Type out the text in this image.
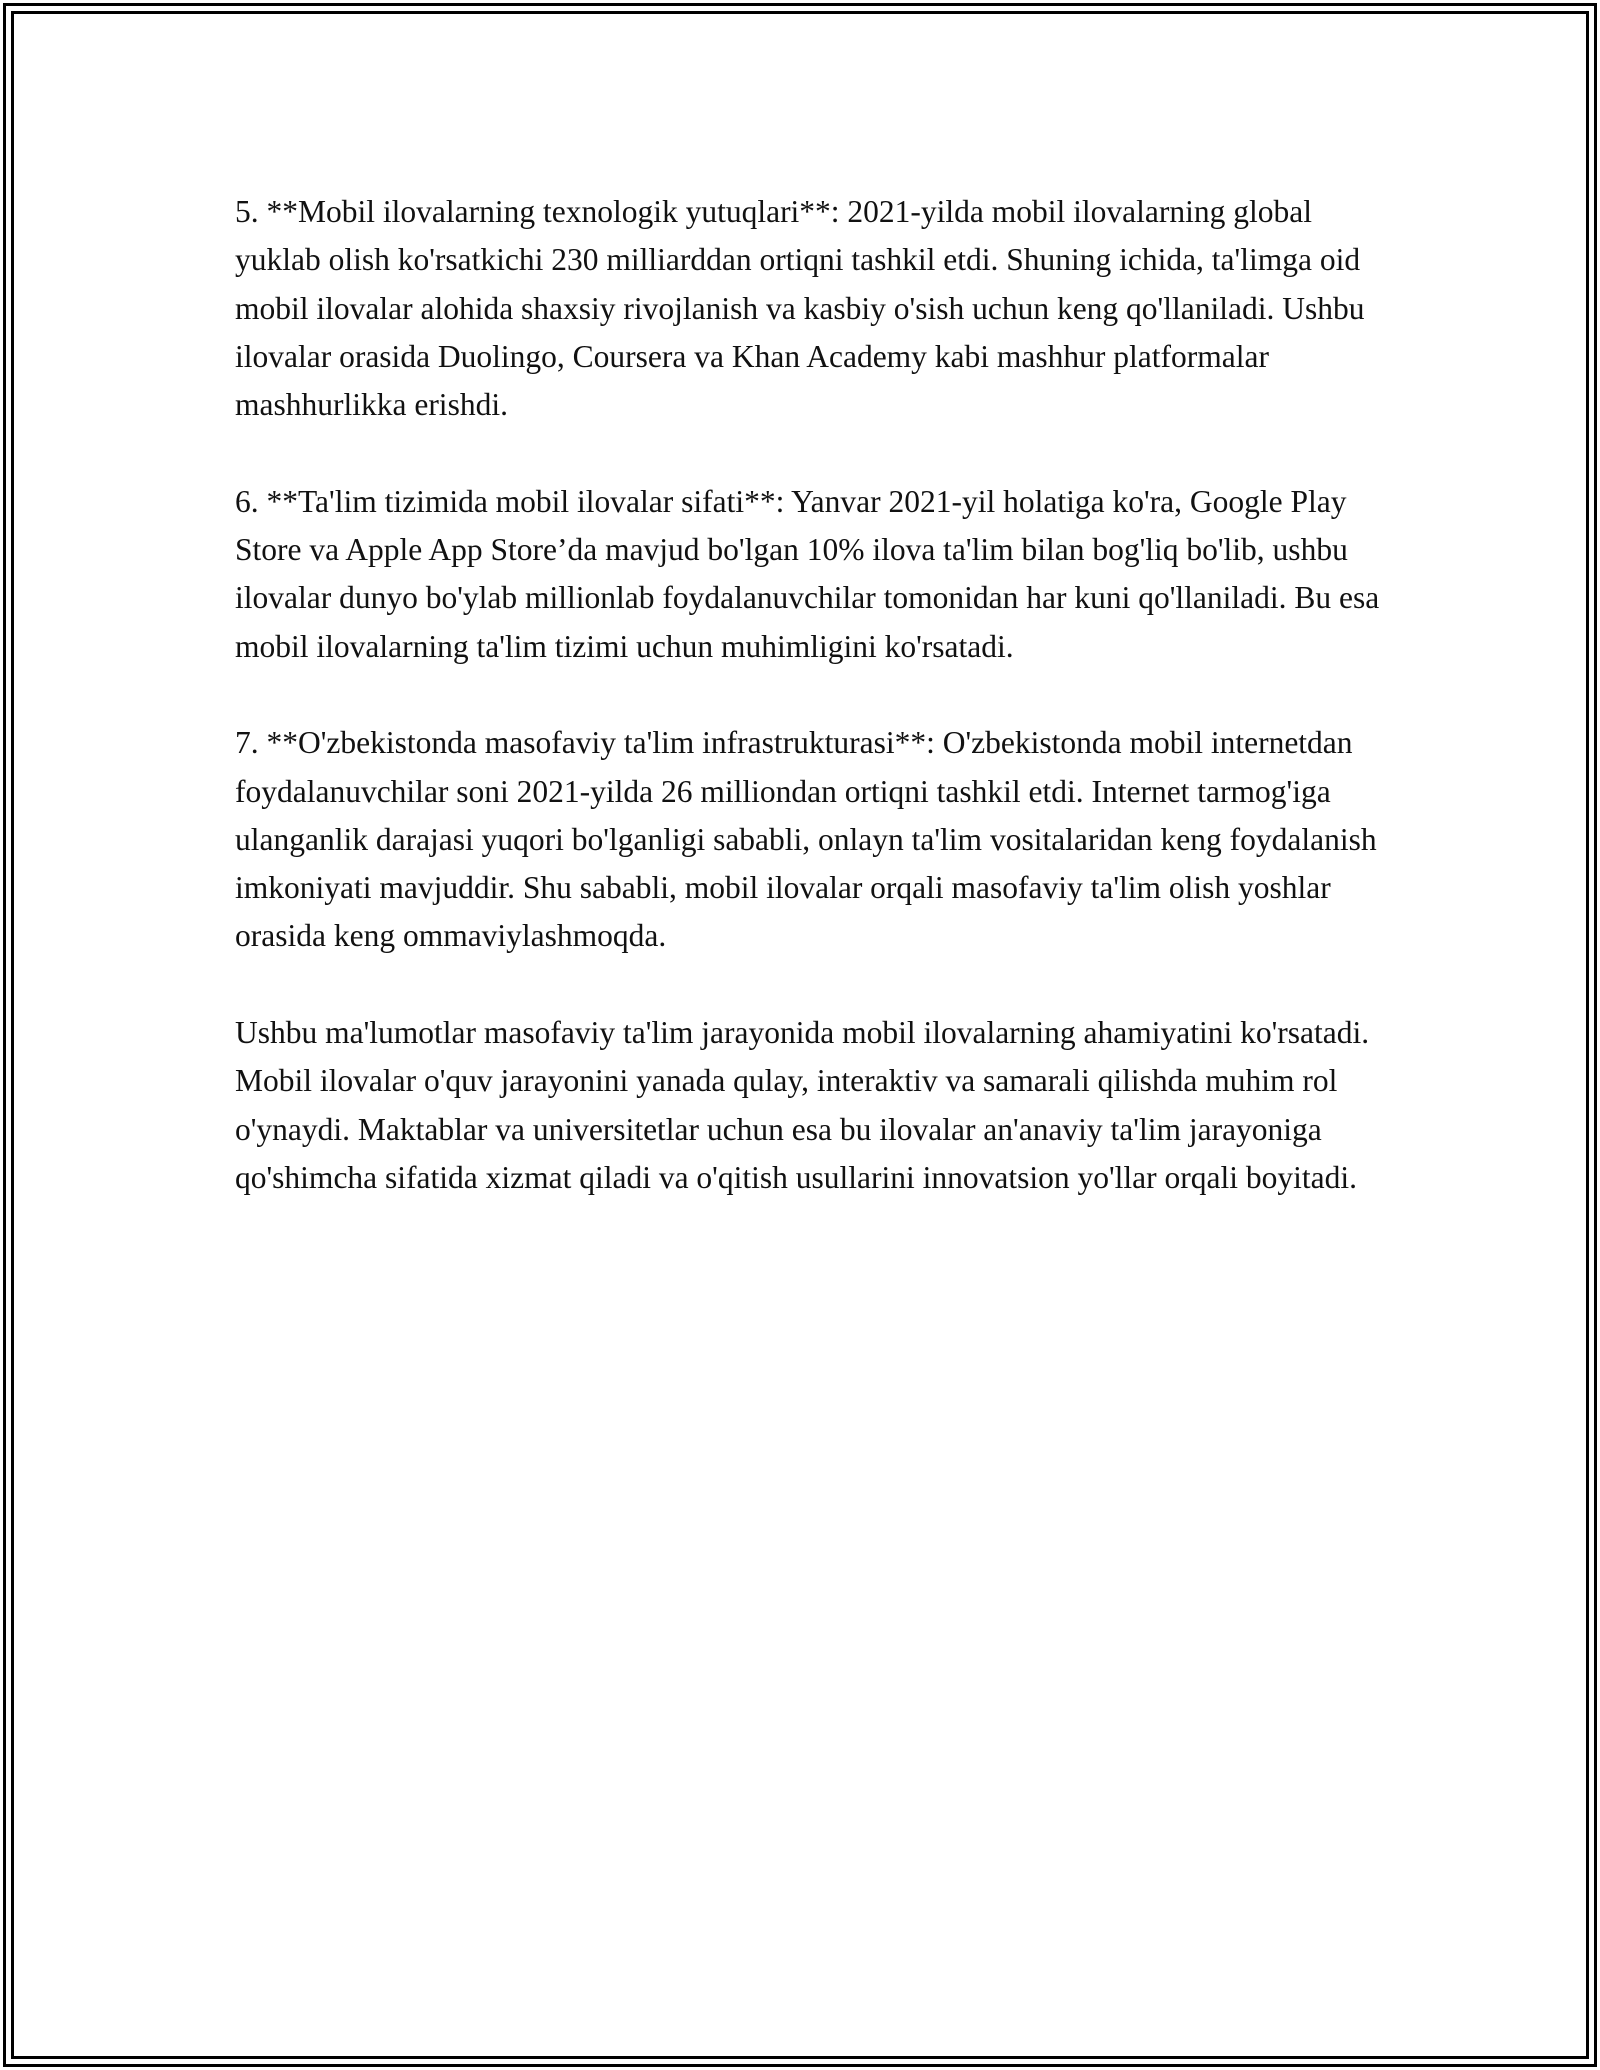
5. **Mobil ilovalarning texnologik yutuqlari**: 2021-yilda mobil ilovalarning global yuklab olish ko'rsatkichi 230 milliarddan ortiqni tashkil etdi. Shuning ichida, ta'limga oid mobil ilovalar alohida shaxsiy rivojlanish va kasbiy o'sish uchun keng qo'llaniladi. Ushbu ilovalar orasida Duolingo, Coursera va Khan Academy kabi mashhur platformalar mashhurlikka erishdi.

6. **Ta'lim tizimida mobil ilovalar sifati**: Yanvar 2021-yil holatiga ko'ra, Google Play Store va Apple App Store’da mavjud bo'lgan 10% ilova ta'lim bilan bog'liq bo'lib, ushbu ilovalar dunyo bo'ylab millionlab foydalanuvchilar tomonidan har kuni qo'llaniladi. Bu esa mobil ilovalarning ta'lim tizimi uchun muhimligini ko'rsatadi.

7. **O'zbekistonda masofaviy ta'lim infrastrukturasi**: O'zbekistonda mobil internetdan foydalanuvchilar soni 2021-yilda 26 milliondan ortiqni tashkil etdi. Internet tarmog'iga ulanganlik darajasi yuqori bo'lganligi sababli, onlayn ta'lim vositalaridan keng foydalanish imkoniyati mavjuddir. Shu sababli, mobil ilovalar orqali masofaviy ta'lim olish yoshlar orasida keng ommaviylashmoqda.

Ushbu ma'lumotlar masofaviy ta'lim jarayonida mobil ilovalarning ahamiyatini ko'rsatadi. Mobil ilovalar o'quv jarayonini yanada qulay, interaktiv va samarali qilishda muhim rol o'ynaydi. Maktablar va universitetlar uchun esa bu ilovalar an'anaviy ta'lim jarayoniga qo'shimcha sifatida xizmat qiladi va o'qitish usullarini innovatsion yo'llar orqali boyitadi.
